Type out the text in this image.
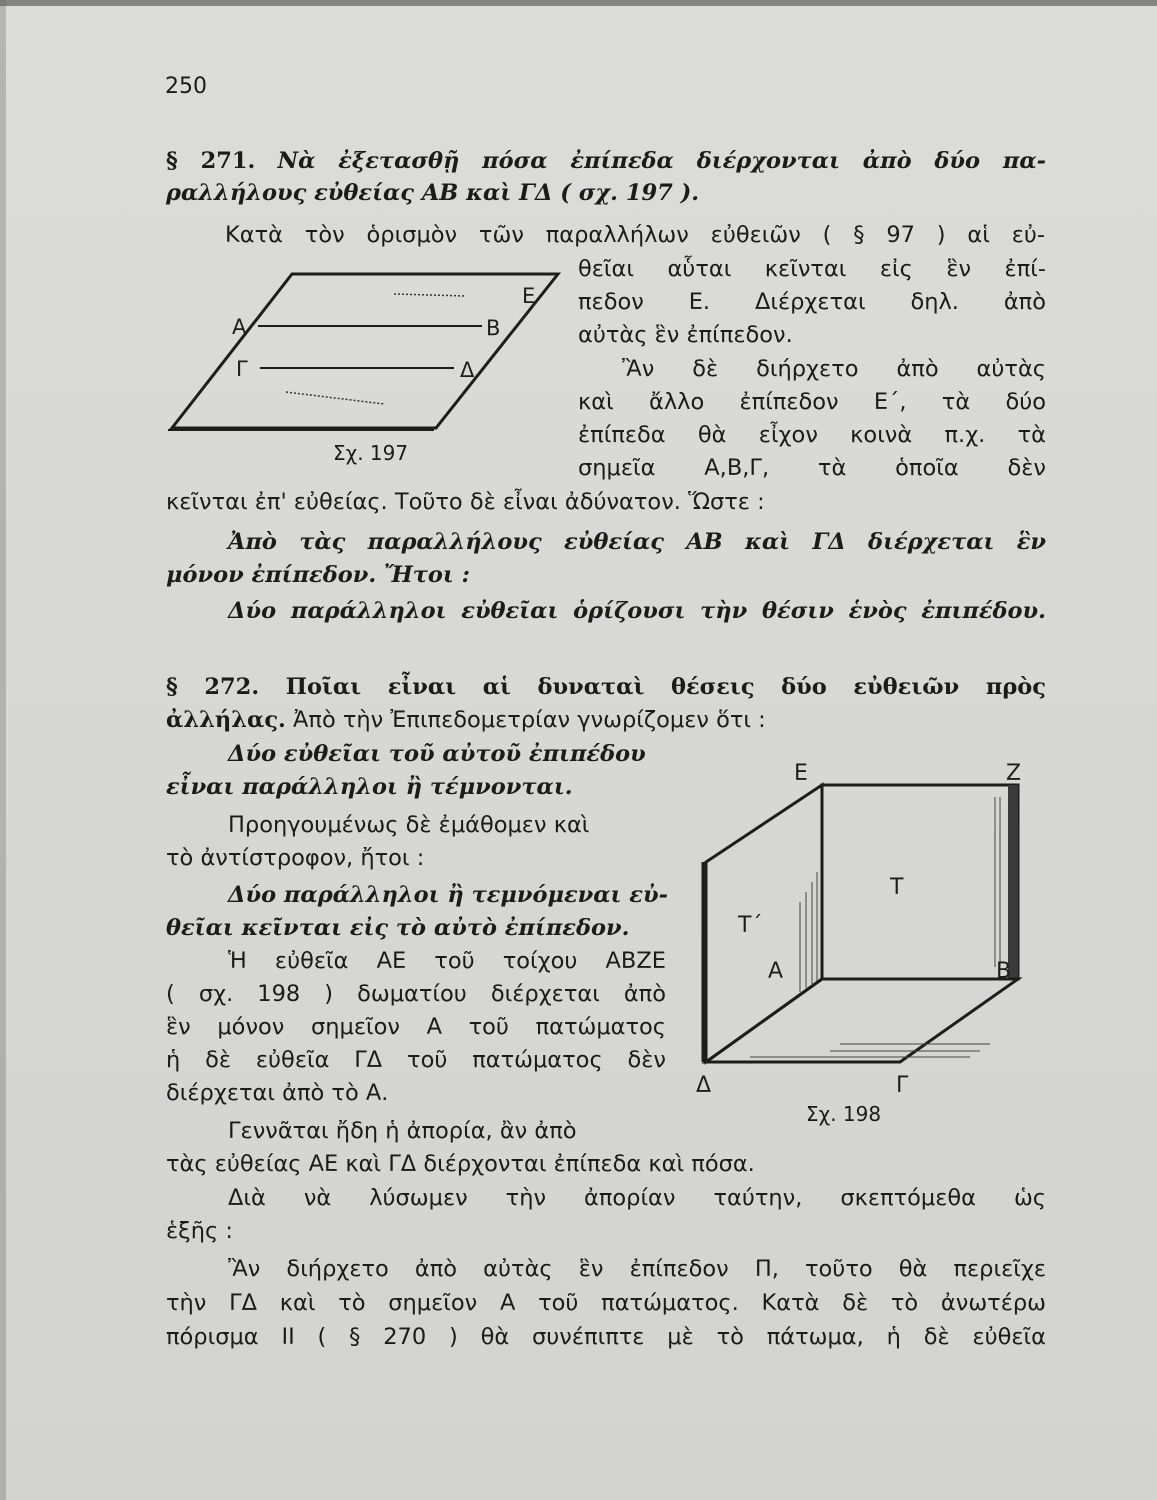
250
§ 271. Νὰ ἐξετασθῇ πόσα ἐπίπεδα διέρχονται ἀπὸ δύο πα-
ραλλήλους εὐθείας ΑΒ καὶ ΓΔ ( σχ. 197 ).
Κατὰ τὸν ὁρισμὸν τῶν παραλλήλων εὐθειῶν ( § 97 ) αἱ εὐ-
θεῖαι αὗται κεῖνται εἰς ἓν ἐπί-
πεδον Ε. Διέρχεται δηλ. ἀπὸ
αὐτὰς ἓν ἐπίπεδον.
Ἂν δὲ διήρχετο ἀπὸ αὐτὰς
καὶ ἄλλο ἐπίπεδον Ε΄, τὰ δύο
ἐπίπεδα θὰ εἶχον κοινὰ π.χ. τὰ
σημεῖα Α,Β,Γ, τὰ ὁποῖα δὲν
κεῖνται ἐπ' εὐθείας. Τοῦτο δὲ εἶναι ἀδύνατον. Ὥστε :
Ἀπὸ τὰς παραλλήλους εὐθείας ΑΒ καὶ ΓΔ διέρχεται ἓν
μόνον ἐπίπεδον. Ἤτοι :
Δύο παράλληλοι εὐθεῖαι ὁρίζουσι τὴν θέσιν ἑνὸς ἐπιπέδου.
Α	Β
Γ	Δ
Ε
Σχ. 197
§ 272. Ποῖαι εἶναι αἱ δυναταὶ θέσεις δύο εὐθειῶν πρὸς
ἀλλήλας. Ἀπὸ τὴν Ἐπιπεδομετρίαν γνωρίζομεν ὅτι :
Δύο εὐθεῖαι τοῦ αὐτοῦ ἐπιπέδου
εἶναι παράλληλοι ἢ τέμνονται.
Προηγουμένως δὲ ἐμάθομεν καὶ
τὸ ἀντίστροφον, ἤτοι :
Δύο παράλληλοι ἢ τεμνόμεναι εὐ-
θεῖαι κεῖνται εἰς τὸ αὐτὸ ἐπίπεδον.
Ἡ εὐθεῖα ΑΕ τοῦ τοίχου ΑΒΖΕ
( σχ. 198 ) δωματίου διέρχεται ἀπὸ
ἓν μόνον σημεῖον Α τοῦ πατώματος
ἡ δὲ εὐθεῖα ΓΔ τοῦ πατώματος δὲν
διέρχεται ἀπὸ τὸ Α.
Ε	Ζ
Τ
Τ΄
Α	Β
Δ	Γ
Σχ. 198
Γεννᾶται ἤδη ἡ ἀπορία, ἂν ἀπὸ
τὰς εὐθείας ΑΕ καὶ ΓΔ διέρχονται ἐπίπεδα καὶ πόσα.
Διὰ νὰ λύσωμεν τὴν ἀπορίαν ταύτην, σκεπτόμεθα ὡς
ἑξῆς :
Ἂν διήρχετο ἀπὸ αὐτὰς ἓν ἐπίπεδον Π, τοῦτο θὰ περιεῖχε
τὴν ΓΔ καὶ τὸ σημεῖον Α τοῦ πατώματος. Κατὰ δὲ τὸ ἀνωτέρω
πόρισμα ΙΙ ( § 270 ) θὰ συνέπιπτε μὲ τὸ πάτωμα, ἡ δὲ εὐθεῖα
